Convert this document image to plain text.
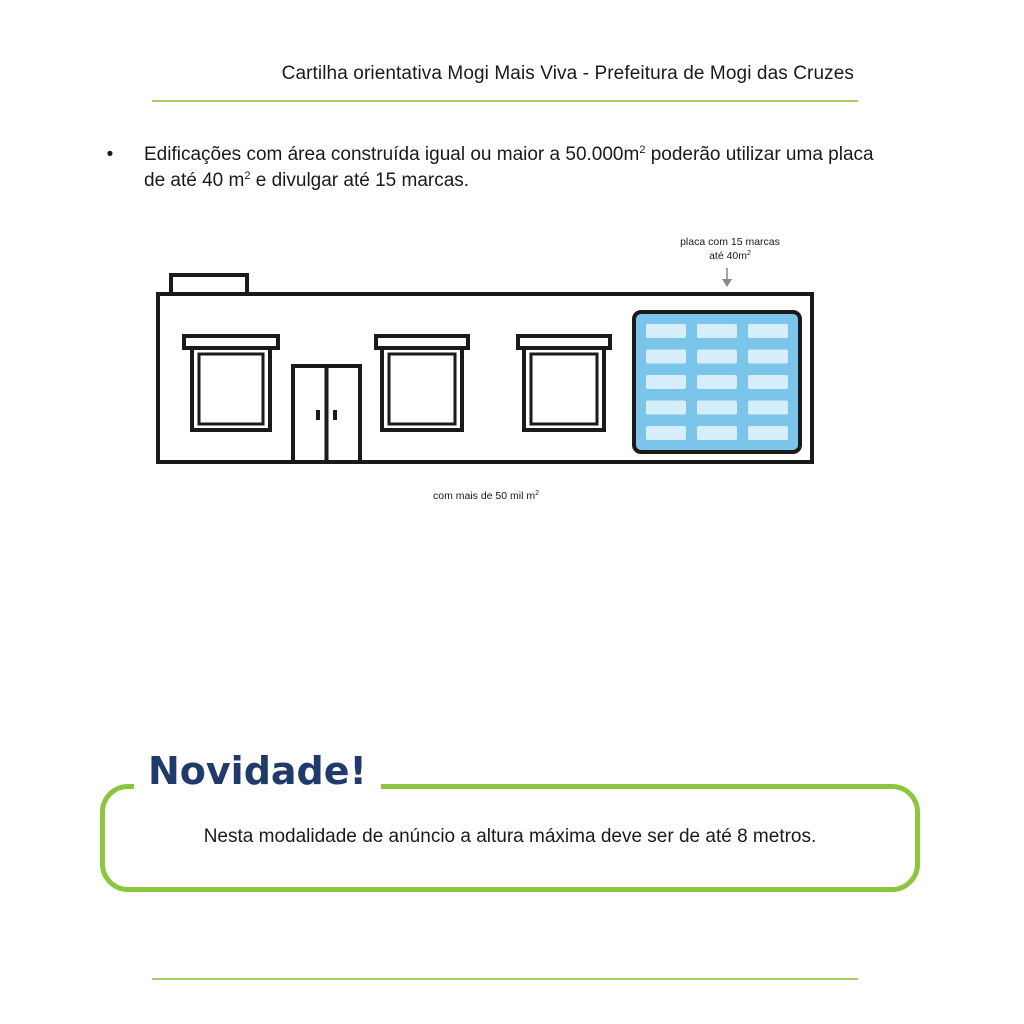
Cartilha orientativa Mogi Mais Viva - Prefeitura de Mogi das Cruzes
•	Edificações com área construída igual ou maior a $50.000m^2$ poderão utilizar uma placa de até 40 $m^2$ e divulgar até 15 marcas.
placa com 15 marcas
até $40m^2$
com mais de 50 mil $m^2$
Novidade!
Nesta modalidade de anúncio a altura máxima deve ser de até 8 metros.
